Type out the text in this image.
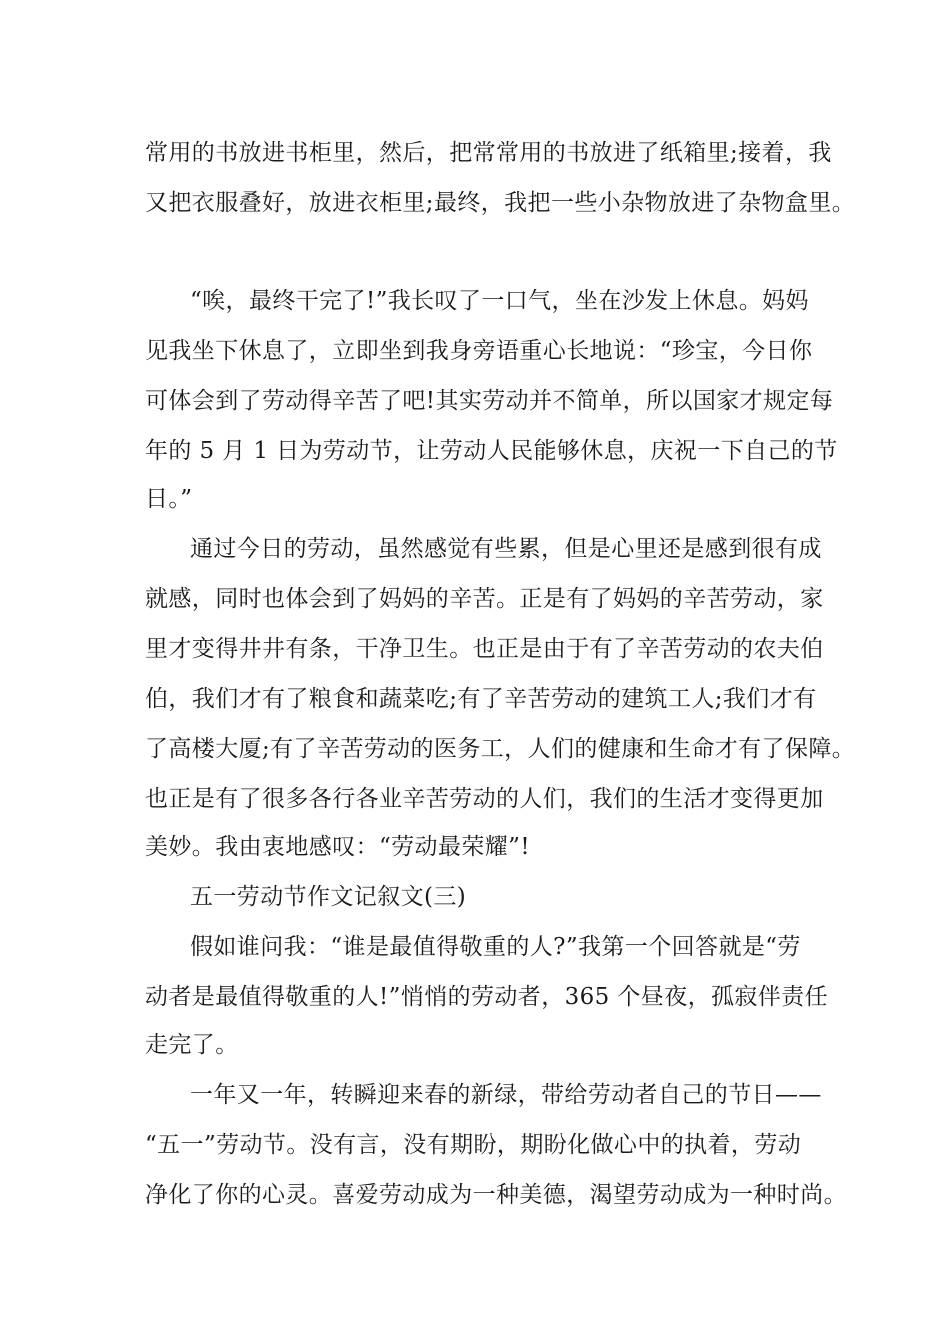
常用的书放进书柜里，然后，把常常用的书放进了纸箱里;接着，我
又把衣服叠好，放进衣柜里;最终，我把一些小杂物放进了杂物盒里。
“唉，最终干完了!”我长叹了一口气，坐在沙发上休息。妈妈
见我坐下休息了，立即坐到我身旁语重心长地说：“珍宝，今日你
可体会到了劳动得辛苦了吧!其实劳动并不简单，所以国家才规定每
年的 5 月 1 日为劳动节，让劳动人民能够休息，庆祝一下自己的节
日。”
通过今日的劳动，虽然感觉有些累，但是心里还是感到很有成
就感，同时也体会到了妈妈的辛苦。正是有了妈妈的辛苦劳动，家
里才变得井井有条，干净卫生。也正是由于有了辛苦劳动的农夫伯
伯，我们才有了粮食和蔬菜吃;有了辛苦劳动的建筑工人;我们才有
了高楼大厦;有了辛苦劳动的医务工，人们的健康和生命才有了保障。
也正是有了很多各行各业辛苦劳动的人们，我们的生活才变得更加
美妙。我由衷地感叹：“劳动最荣耀”!
五一劳动节作文记叙文(三)
假如谁问我：“谁是最值得敬重的人?”我第一个回答就是“劳
动者是最值得敬重的人!”悄悄的劳动者，365 个昼夜，孤寂伴责任
走完了。
一年又一年，转瞬迎来春的新绿，带给劳动者自己的节日——
“五一”劳动节。没有言，没有期盼，期盼化做心中的执着，劳动
净化了你的心灵。喜爱劳动成为一种美德，渴望劳动成为一种时尚。
